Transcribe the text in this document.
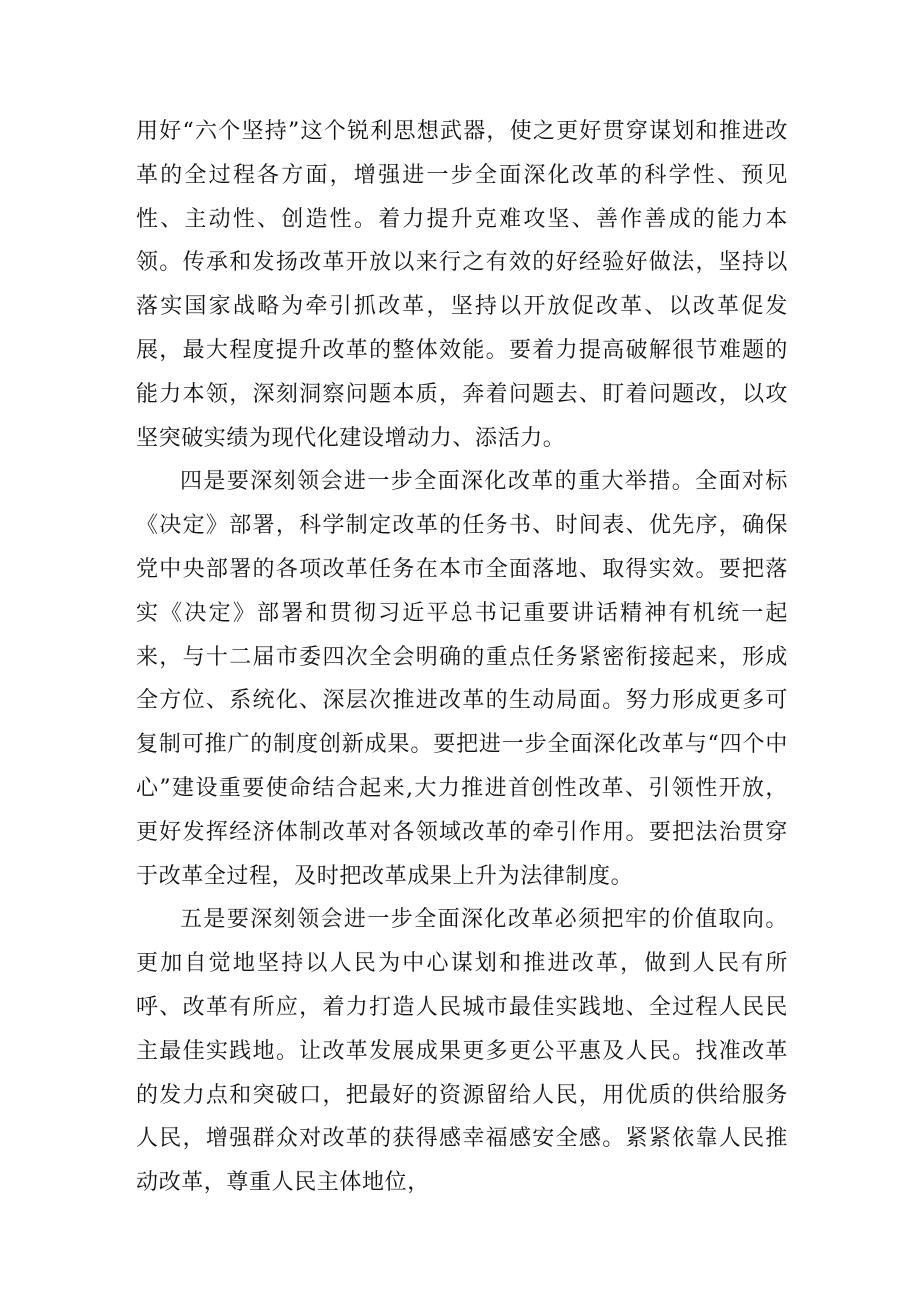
用好“六个坚持”这个锐利思想武器，使之更好贯穿谋划和推进改革的全过程各方面，增强进一步全面深化改革的科学性、预见性、主动性、创造性。着力提升克难攻坚、善作善成的能力本领。传承和发扬改革开放以来行之有效的好经验好做法，坚持以落实国家战略为牵引抓改革，坚持以开放促改革、以改革促发展，最大程度提升改革的整体效能。要着力提高破解很节难题的能力本领，深刻洞察问题本质，奔着问题去、盯着问题改，以攻坚突破实绩为现代化建设增动力、添活力。

四是要深刻领会进一步全面深化改革的重大举措。全面对标《决定》部署，科学制定改革的任务书、时间表、优先序，确保党中央部署的各项改革任务在本市全面落地、取得实效。要把落实《决定》部署和贯彻习近平总书记重要讲话精神有机统一起来，与十二届市委四次全会明确的重点任务紧密衔接起来，形成全方位、系统化、深层次推进改革的生动局面。努力形成更多可复制可推广的制度创新成果。要把进一步全面深化改革与“四个中心”建设重要使命结合起来,大力推进首创性改革、引领性开放，更好发挥经济体制改革对各领域改革的牵引作用。要把法治贯穿于改革全过程，及时把改革成果上升为法律制度。

五是要深刻领会进一步全面深化改革必须把牢的价值取向。更加自觉地坚持以人民为中心谋划和推进改革，做到人民有所呼、改革有所应，着力打造人民城市最佳实践地、全过程人民民主最佳实践地。让改革发展成果更多更公平惠及人民。找准改革的发力点和突破口，把最好的资源留给人民，用优质的供给服务人民，增强群众对改革的获得感幸福感安全感。紧紧依靠人民推动改革，尊重人民主体地位，
